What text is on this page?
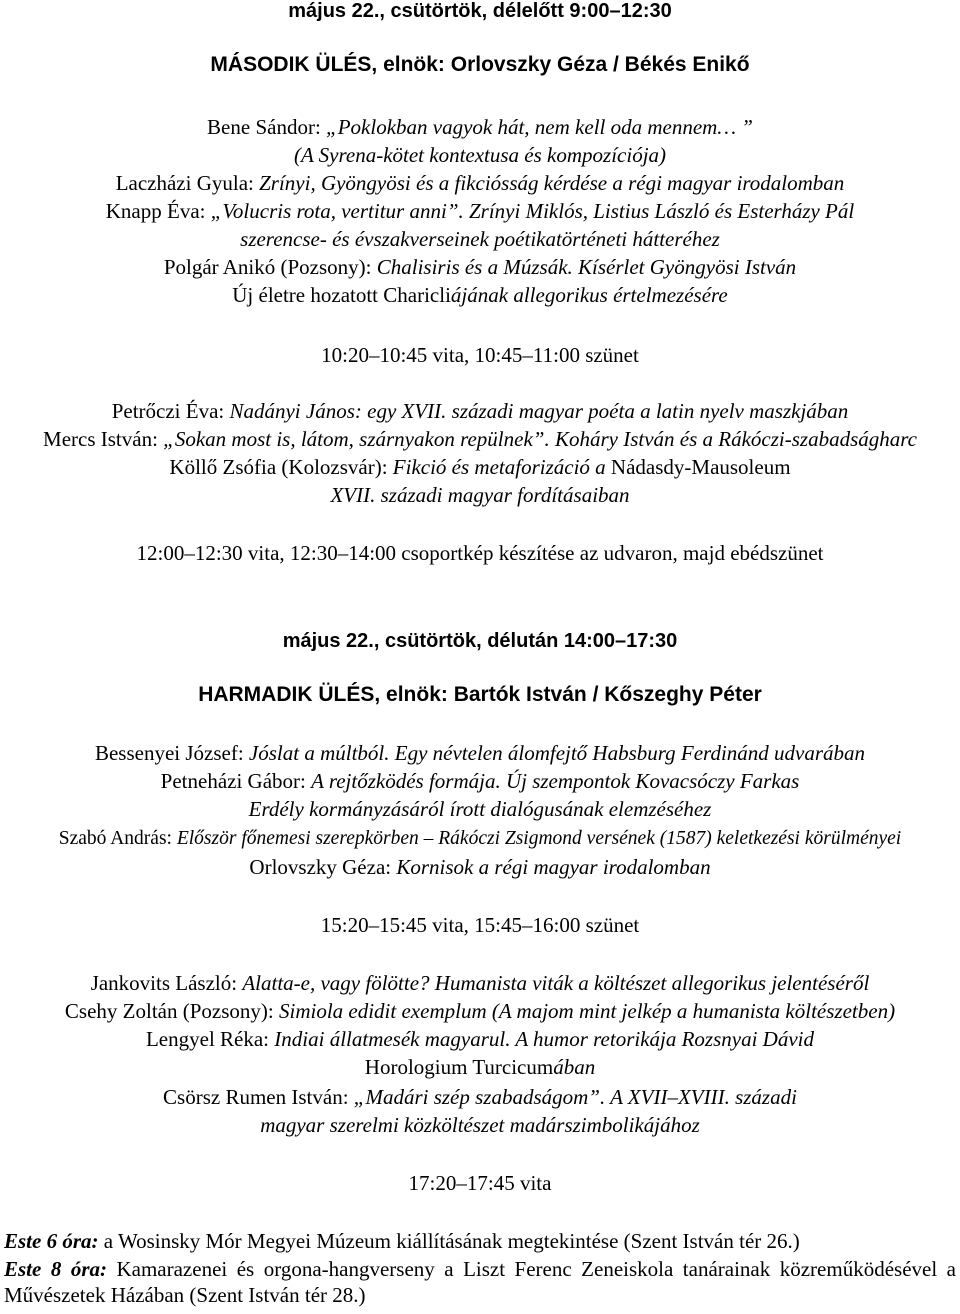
május 22., csütörtök, délelőtt 9:00–12:30
MÁSODIK ÜLÉS, elnök: Orlovszky Géza / Békés Enikő
Bene Sándor: „Poklokban vagyok hát, nem kell oda mennem… ”
(A Syrena-kötet kontextusa és kompozíciója)
Laczházi Gyula: Zrínyi, Gyöngyösi és a fikciósság kérdése a régi magyar irodalomban
Knapp Éva: „Volucris rota, vertitur anni”. Zrínyi Miklós, Listius László és Esterházy Pál
szerencse- és évszakverseinek poétikatörténeti hátteréhez
Polgár Anikó (Pozsony): Chalisiris és a Múzsák. Kísérlet Gyöngyösi István
Új életre hozatott Charicliájának allegorikus értelmezésére
10:20–10:45 vita, 10:45–11:00 szünet
Petrőczi Éva: Nadányi János: egy XVII. századi magyar poéta a latin nyelv maszkjában
Mercs István: „Sokan most is, látom, szárnyakon repülnek”. Koháry István és a Rákóczi-szabadságharc
Köllő Zsófia (Kolozsvár): Fikció és metaforizáció a Nádasdy-Mausoleum
XVII. századi magyar fordításaiban
12:00–12:30 vita, 12:30–14:00 csoportkép készítése az udvaron, majd ebédszünet
május 22., csütörtök, délután 14:00–17:30
HARMADIK ÜLÉS, elnök: Bartók István / Kőszeghy Péter
Bessenyei József: Jóslat a múltból. Egy névtelen álomfejtő Habsburg Ferdinánd udvarában
Petneházi Gábor: A rejtőzködés formája. Új szempontok Kovacsóczy Farkas
Erdély kormányzásáról írott dialógusának elemzéséhez
Szabó András: Először főnemesi szerepkörben – Rákóczi Zsigmond versének (1587) keletkezési körülményei
Orlovszky Géza: Kornisok a régi magyar irodalomban
15:20–15:45 vita, 15:45–16:00 szünet
Jankovits László: Alatta-e, vagy fölötte? Humanista viták a költészet allegorikus jelentéséről
Csehy Zoltán (Pozsony): Simiola edidit exemplum (A majom mint jelkép a humanista költészetben)
Lengyel Réka: Indiai állatmesék magyarul. A humor retorikája Rozsnyai Dávid
Horologium Turcicumában
Csörsz Rumen István: „Madári szép szabadságom”. A XVII–XVIII. századi
magyar szerelmi közköltészet madárszimbolikájához
17:20–17:45 vita
Este 6 óra: a Wosinsky Mór Megyei Múzeum kiállításának megtekintése (Szent István tér 26.)
Este 8 óra: Kamarazenei és orgona-hangverseny a Liszt Ferenc Zeneiskola tanárainak közreműködésével a Művészetek Házában (Szent István tér 28.)
